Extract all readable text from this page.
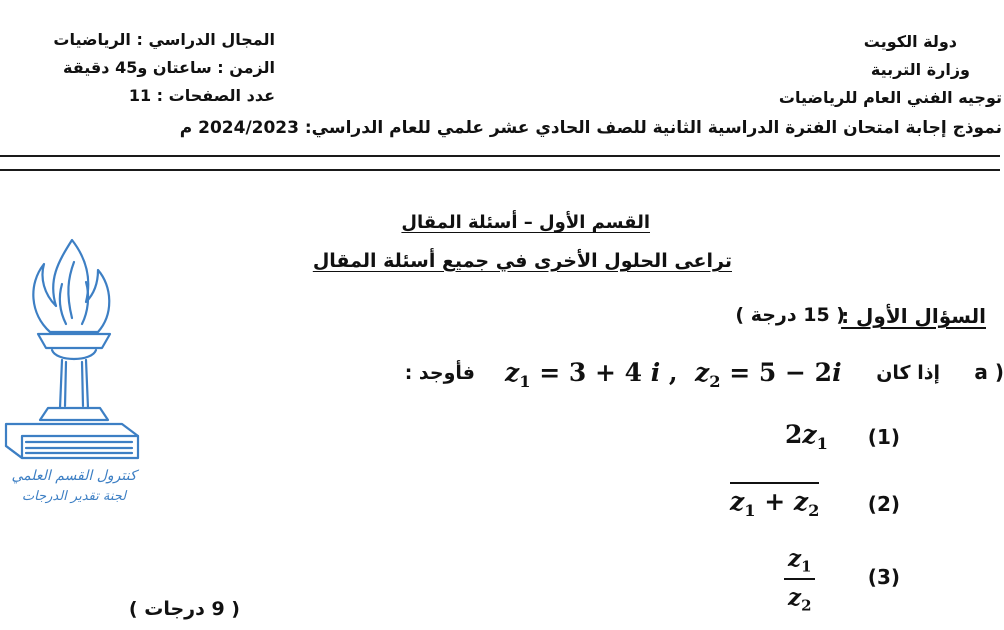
دولة الكويت
وزارة التربية
توجيه الفني العام للرياضيات
المجال الدراسي : الرياضيات
الزمن : ساعتان و45 دقيقة
عدد الصفحات : 11
نموذج إجابة امتحان الفترة الدراسية الثانية للصف الحادي عشر علمي للعام الدراسي: 2024/2023 م
القسم الأول – أسئلة المقال
تراعى الحلول الأخرى في جميع أسئلة المقال
كنترول القسم العلمي
لجنة تقدير الدرجات
( 15 درجة )
السؤال الأول :
( a
إذا كان
$z_1 = 3 + 4$ i ,  $z_2 = 5 - 2i$
فأوجد :
(1)
$2z_1$
(2)
$z_1 + z_2$
(3)
$\frac{z_1}{z_2}$
( 9 درجات )
